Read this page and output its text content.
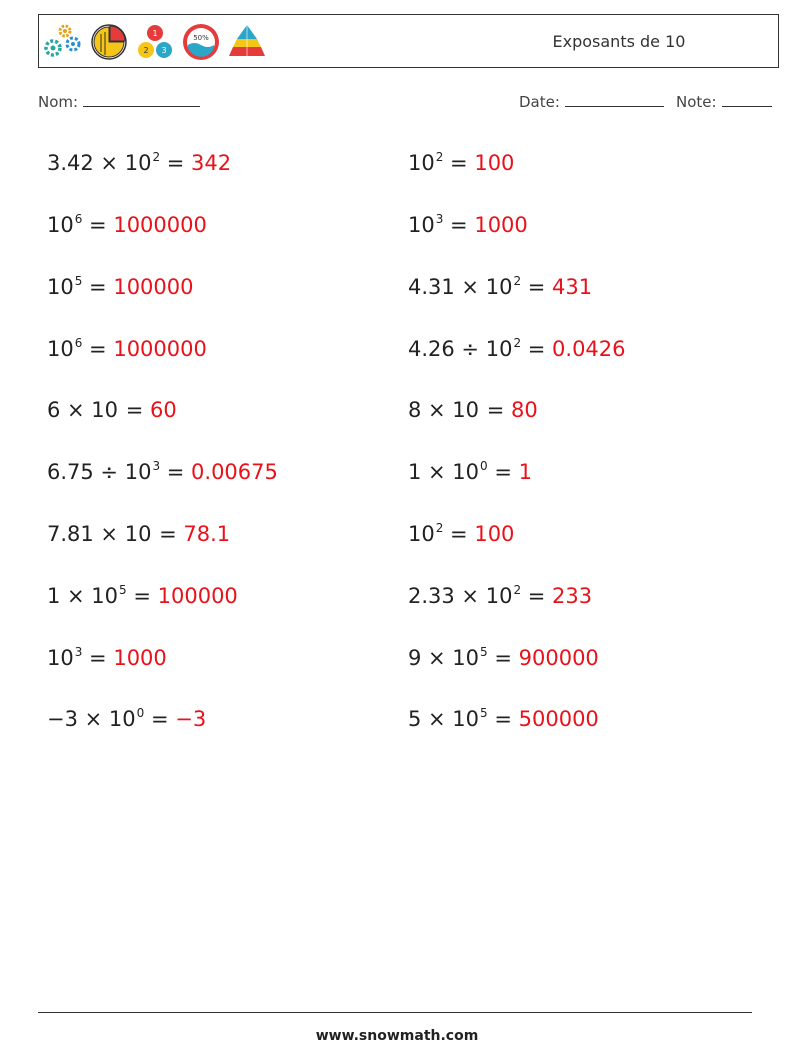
1
2 3
50%	Exposants de 10
Nom:	Date:	Note:
$3.42 \times 10^2 = 342$	$10^2 = 100$
$10^6 = 1000000$	$10^3 = 1000$
$10^5 = 100000$	$4.31 \times 10^2 = 431$
$10^6 = 1000000$	$4.26 \div 10^2 = 0.0426$
6 × 10 = 60	8 × 10 = 80
$6.75 \div 10^3 = 0.00675$	$1 \times 10^0 = 1$
7.81 × 10 = 78.1	$10^2 = 100$
$1 \times 10^5 = 100000$	$2.33 \times 10^2 = 233$
$10^3 = 1000$	$9 \times 10^5 = 900000$
$-3 \times 10^0 = -3$	$5 \times 10^5 = 500000$
www.snowmath.com
